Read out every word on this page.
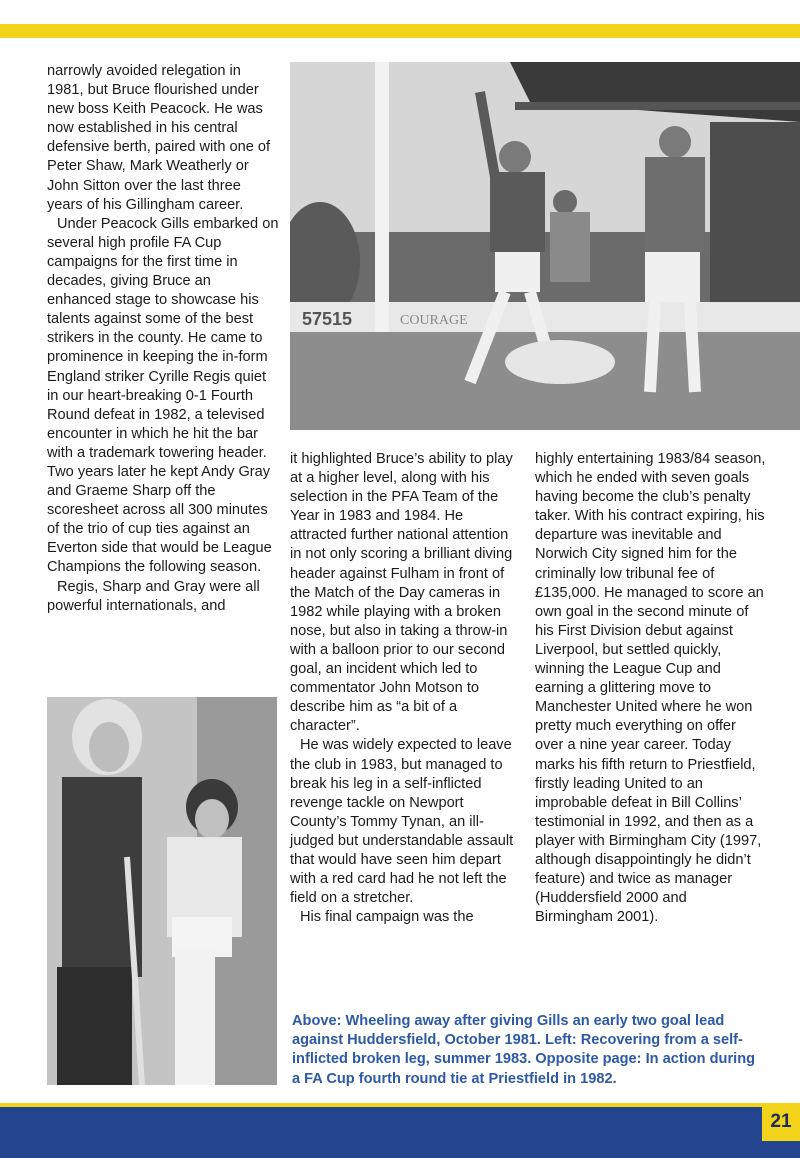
57515	COURAGE

narrowly avoided relegation in 1981, but Bruce flourished under new boss Keith Peacock. He was now established in his central defensive berth, paired with one of Peter Shaw, Mark Weatherly or John Sitton over the last three years of his Gillingham career.

Under Peacock Gills embarked on several high profile FA Cup campaigns for the first time in decades, giving Bruce an enhanced stage to showcase his talents against some of the best strikers in the county. He came to prominence in keeping the in-form England striker Cyrille Regis quiet in our heart-breaking 0-1 Fourth Round defeat in 1982, a televised encounter in which he hit the bar with a trademark towering header. Two years later he kept Andy Gray and Graeme Sharp off the scoresheet across all 300 minutes of the trio of cup ties against an Everton side that would be League Champions the following season.

Regis, Sharp and Gray were all powerful internationals, and

it highlighted Bruce’s ability to play at a higher level, along with his selection in the PFA Team of the Year in 1983 and 1984. He attracted further national attention in not only scoring a brilliant diving header against Fulham in front of the Match of the Day cameras in 1982 while playing with a broken nose, but also in taking a throw-in with a balloon prior to our second goal, an incident which led to commentator John Motson to describe him as “a bit of a character”.

He was widely expected to leave the club in 1983, but managed to break his leg in a self-inflicted revenge tackle on Newport County’s Tommy Tynan, an ill-judged but understandable assault that would have seen him depart with a red card had he not left the field on a stretcher.

His final campaign was the

highly entertaining 1983/84 season, which he ended with seven goals having become the club’s penalty taker. With his contract expiring, his departure was inevitable and Norwich City signed him for the criminally low tribunal fee of £135,000. He managed to score an own goal in the second minute of his First Division debut against Liverpool, but settled quickly, winning the League Cup and earning a glittering move to Manchester United where he won pretty much everything on offer over a nine year career. Today marks his fifth return to Priestfield, firstly leading United to an improbable defeat in Bill Collins’ testimonial in 1992, and then as a player with Birmingham City (1997, although disappointingly he didn’t feature) and twice as manager (Huddersfield 2000 and Birmingham 2001).

Above: Wheeling away after giving Gills an early two goal lead against Huddersfield, October 1981. Left: Recovering from a self-inflicted broken leg, summer 1983. Opposite page: In action during a FA Cup fourth round tie at Priestfield in 1982.
21
